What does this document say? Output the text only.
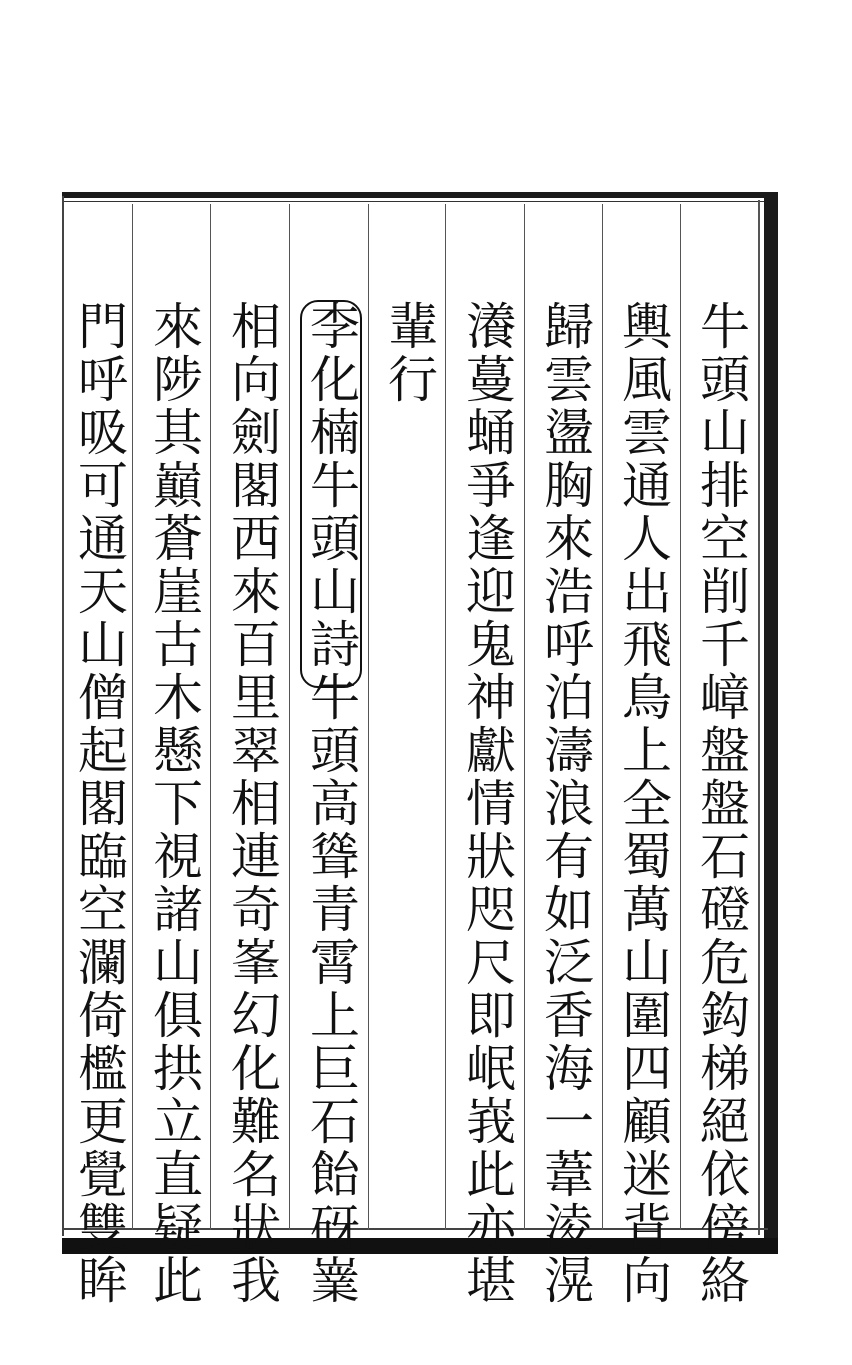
牛頭山排空削千嶂盤盤石磴危鈎梯絕依傍絡
輿風雲通人出飛鳥上全蜀萬山圍四顧迷背向
歸雲盪胸來浩呼泊濤浪有如泛香海一葦淩滉
瀁蔓蛹爭逢迎鬼神獻情狀咫尺即岷峩此亦堪
輩行
李化楠牛頭山詩牛頭高聳青霄上巨石飴砑嶪
相向劍閣西來百里翠相連奇峯幻化難名狀我
來陟其巔蒼崖古木懸下視諸山俱拱立直疑此
門呼吸可通天山僧起閣臨空瀾倚檻更覺雙眸
